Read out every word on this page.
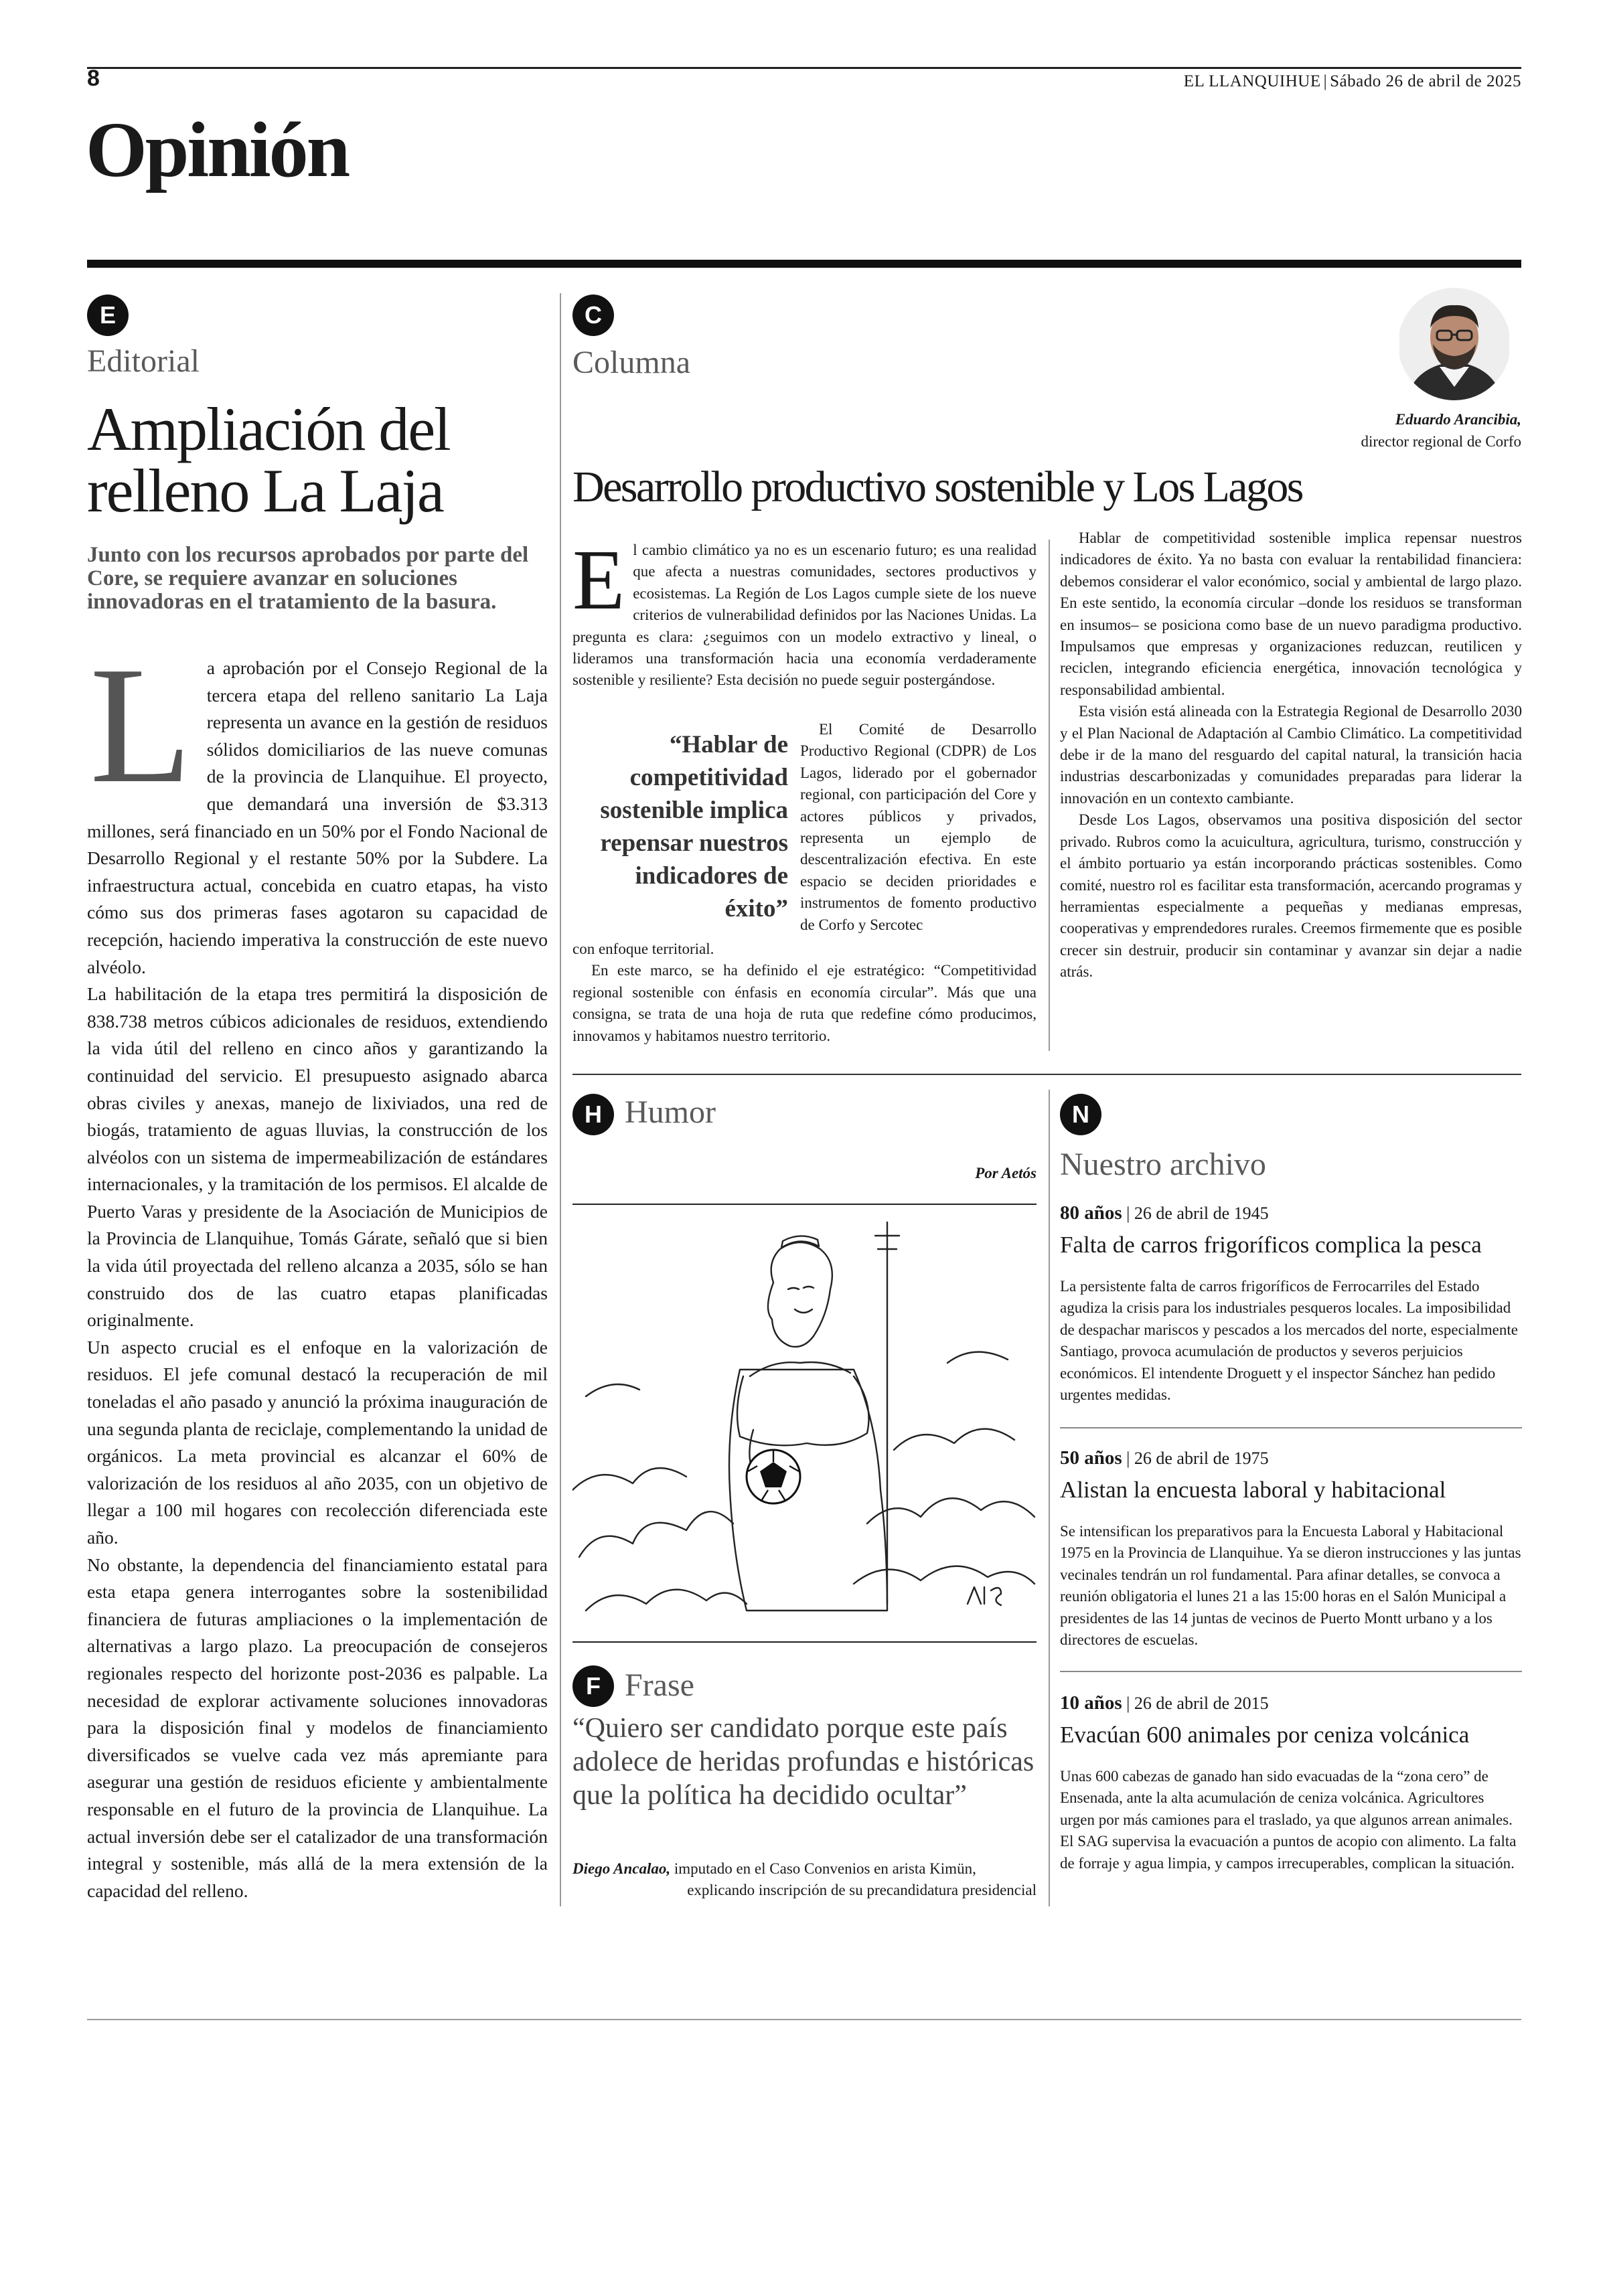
8	EL LLANQUIHUE | Sábado 26 de abril de 2025
Opinión
E
Editorial
Ampliación del
relleno La Laja
Junto con los recursos aprobados por parte del Core, se requiere avanzar en soluciones innovadoras en el tratamiento de la basura.

La aprobación por el Consejo Regional de la tercera etapa del relleno sanitario La Laja representa un avance en la gestión de residuos sólidos domiciliarios de las nueve comunas de la provincia de Llanquihue. El proyecto, que demandará una inversión de $3.313 millones, será financiado en un 50% por el Fondo Nacional de Desarrollo Regional y el restante 50% por la Subdere. La infraestructura actual, concebida en cuatro etapas, ha visto cómo sus dos primeras fases agotaron su capacidad de recepción, haciendo imperativa la construcción de este nuevo alvéolo.

La habilitación de la etapa tres permitirá la disposición de 838.738 metros cúbicos adicionales de residuos, extendiendo la vida útil del relleno en cinco años y garantizando la continuidad del servicio. El presupuesto asignado abarca obras civiles y anexas, manejo de lixiviados, una red de biogás, tratamiento de aguas lluvias, la construcción de los alvéolos con un sistema de impermeabilización de estándares internacionales, y la tramitación de los permisos. El alcalde de Puerto Varas y presidente de la Asociación de Municipios de la Provincia de Llanquihue, Tomás Gárate, señaló que si bien la vida útil proyectada del relleno alcanza a 2035, sólo se han construido dos de las cuatro etapas planificadas originalmente.

Un aspecto crucial es el enfoque en la valorización de residuos. El jefe comunal destacó la recuperación de mil toneladas el año pasado y anunció la próxima inauguración de una segunda planta de reciclaje, complementando la unidad de orgánicos. La meta provincial es alcanzar el 60% de valorización de los residuos al año 2035, con un objetivo de llegar a 100 mil hogares con recolección diferenciada este año.

No obstante, la dependencia del financiamiento estatal para esta etapa genera interrogantes sobre la sostenibilidad financiera de futuras ampliaciones o la implementación de alternativas a largo plazo. La preocupación de consejeros regionales respecto del horizonte post-2036 es palpable. La necesidad de explorar activamente soluciones innovadoras para la disposición final y modelos de financiamiento diversificados se vuelve cada vez más apremiante para asegurar una gestión de residuos eficiente y ambientalmente responsable en el futuro de la provincia de Llanquihue. La actual inversión debe ser el catalizador de una transformación integral y sostenible, más allá de la mera extensión de la capacidad del relleno.

C
Columna
Eduardo Arancibia,
director regional de Corfo
Desarrollo productivo sostenible y Los Lagos

El cambio climático ya no es un escenario futuro; es una realidad que afecta a nuestras comunidades, sectores productivos y ecosistemas. La Región de Los Lagos cumple siete de los nueve criterios de vulnerabilidad definidos por las Naciones Unidas. La pregunta es clara: ¿seguimos con un modelo extractivo y lineal, o lideramos una transformación hacia una economía verdaderamente sostenible y resiliente? Esta decisión no puede seguir postergándose.

“Hablar de competitividad sostenible implica repensar nuestros indicadores de éxito”

El Comité de Desarrollo Productivo Regional (CDPR) de Los Lagos, liderado por el gobernador regional, con participación del Core y actores públicos y privados, representa un ejemplo de descentralización efectiva. En este espacio se deciden prioridades e instrumentos de fomento productivo de Corfo y Sercotec

con enfoque territorial.

En este marco, se ha definido el eje estratégico: “Competitividad regional sostenible con énfasis en economía circular”. Más que una consigna, se trata de una hoja de ruta que redefine cómo producimos, innovamos y habitamos nuestro territorio.

Hablar de competitividad sostenible implica repensar nuestros indicadores de éxito. Ya no basta con evaluar la rentabilidad financiera: debemos considerar el valor económico, social y ambiental de largo plazo. En este sentido, la economía circular –donde los residuos se transforman en insumos– se posiciona como base de un nuevo paradigma productivo. Impulsamos que empresas y organizaciones reduzcan, reutilicen y reciclen, integrando eficiencia energética, innovación tecnológica y responsabilidad ambiental.

Esta visión está alineada con la Estrategia Regional de Desarrollo 2030 y el Plan Nacional de Adaptación al Cambio Climático. La competitividad debe ir de la mano del resguardo del capital natural, la transición hacia industrias descarbonizadas y comunidades preparadas para liderar la innovación en un contexto cambiante.

Desde Los Lagos, observamos una positiva disposición del sector privado. Rubros como la acuicultura, agricultura, turismo, construcción y el ámbito portuario ya están incorporando prácticas sostenibles. Como comité, nuestro rol es facilitar esta transformación, acercando programas y herramientas especialmente a pequeñas y medianas empresas, cooperativas y emprendedores rurales. Creemos firmemente que es posible crecer sin destruir, producir sin contaminar y avanzar sin dejar a nadie atrás.

H Humor
Por Aetós
F Frase
“Quiero ser candidato porque este país adolece de heridas profundas e históricas que la política ha decidido ocultar”
Diego Ancalao, imputado en el Caso Convenios en arista Kimün,
explicando inscripción de su precandidatura presidencial
N
Nuestro archivo
80 años | 26 de abril de 1945
Falta de carros frigoríficos complica la pesca
La persistente falta de carros frigoríficos de Ferrocarriles del Estado agudiza la crisis para los industriales pesqueros locales. La imposibilidad de despachar mariscos y pescados a los mercados del norte, especialmente Santiago, provoca acumulación de productos y severos perjuicios económicos. El intendente Droguett y el inspector Sánchez han pedido urgentes medidas.
50 años | 26 de abril de 1975
Alistan la encuesta laboral y habitacional
Se intensifican los preparativos para la Encuesta Laboral y Habitacional 1975 en la Provincia de Llanquihue. Ya se dieron instrucciones y las juntas vecinales tendrán un rol fundamental. Para afinar detalles, se convoca a reunión obligatoria el lunes 21 a las 15:00 horas en el Salón Municipal a presidentes de las 14 juntas de vecinos de Puerto Montt urbano y a los directores de escuelas.
10 años | 26 de abril de 2015
Evacúan 600 animales por ceniza volcánica
Unas 600 cabezas de ganado han sido evacuadas de la “zona cero” de Ensenada, ante la alta acumulación de ceniza volcánica. Agricultores urgen por más camiones para el traslado, ya que algunos arrean animales. El SAG supervisa la evacuación a puntos de acopio con alimento. La falta de forraje y agua limpia, y campos irrecuperables, complican la situación.
